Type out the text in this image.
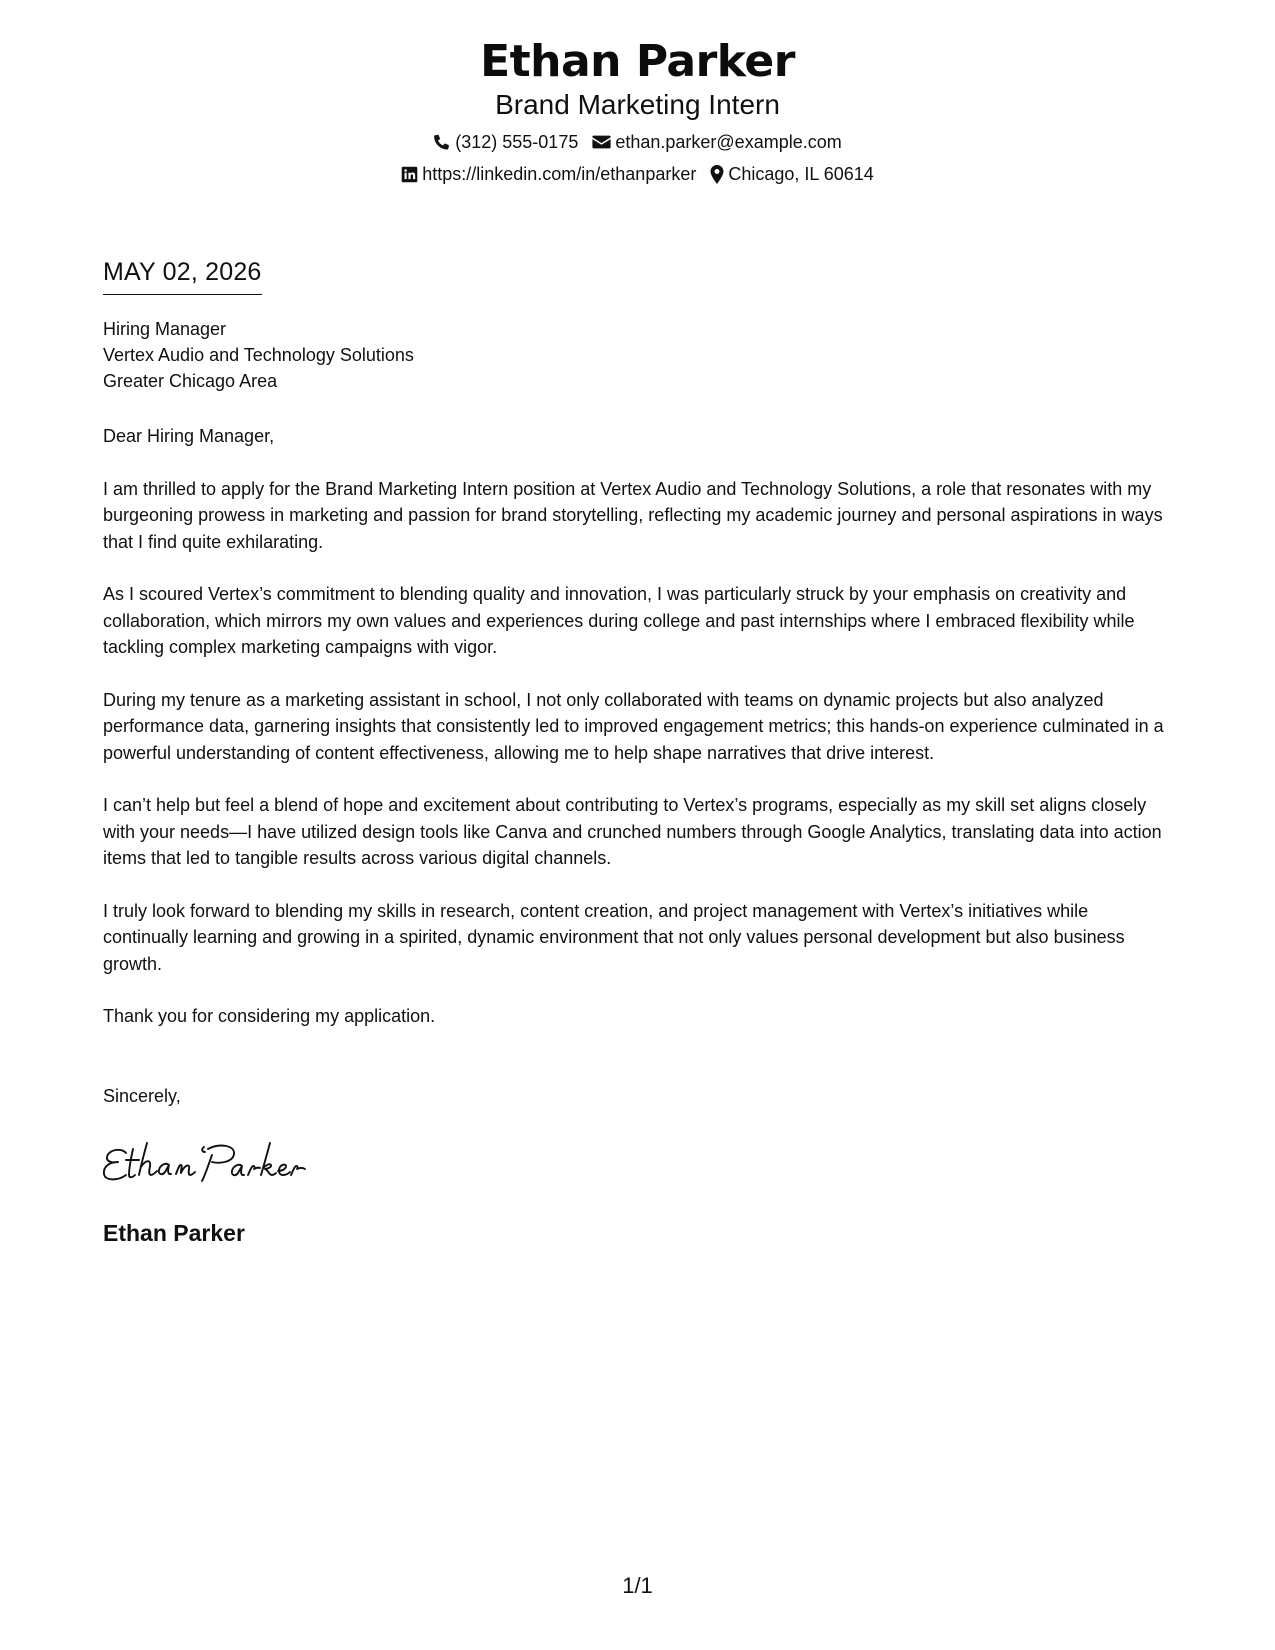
Ethan Parker
Brand Marketing Intern
(312) 555-0175 ethan.parker@example.com
https://linkedin.com/in/ethanparker Chicago, IL 60614
MAY 02, 2026
Hiring Manager
Vertex Audio and Technology Solutions
Greater Chicago Area

Dear Hiring Manager,

I am thrilled to apply for the Brand Marketing Intern position at Vertex Audio and Technology Solutions, a role that resonates with my burgeoning prowess in marketing and passion for brand storytelling, reflecting my academic journey and personal aspirations in ways that I find quite exhilarating.

As I scoured Vertex’s commitment to blending quality and innovation, I was particularly struck by your emphasis on creativity and collaboration, which mirrors my own values and experiences during college and past internships where I embraced flexibility while tackling complex marketing campaigns with vigor.

During my tenure as a marketing assistant in school, I not only collaborated with teams on dynamic projects but also analyzed performance data, garnering insights that consistently led to improved engagement metrics; this hands-on experience culminated in a powerful understanding of content effectiveness, allowing me to help shape narratives that drive interest.

I can’t help but feel a blend of hope and excitement about contributing to Vertex’s programs, especially as my skill set aligns closely with your needs—I have utilized design tools like Canva and crunched numbers through Google Analytics, translating data into action items that led to tangible results across various digital channels.

I truly look forward to blending my skills in research, content creation, and project management with Vertex’s initiatives while continually learning and growing in a spirited, dynamic environment that not only values personal development but also business growth.

Thank you for considering my application.

Sincerely,
Ethan Parker
1/1
